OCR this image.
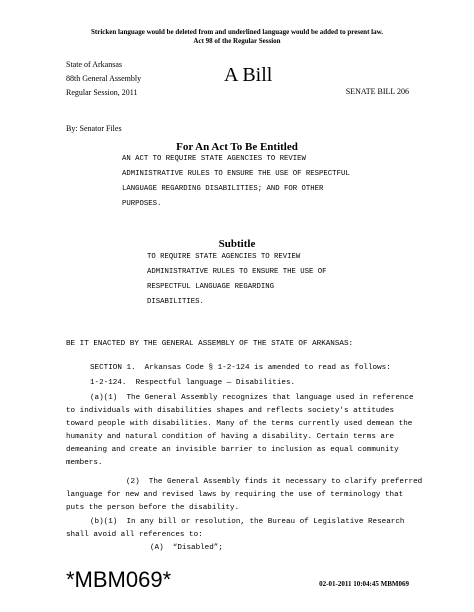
Stricken language would be deleted from and underlined language would be added to present law.
Act 98 of the Regular Session
State of Arkansas
88th General Assembly
Regular Session, 2011
A Bill
SENATE BILL 206
By: Senator Files
For An Act To Be Entitled
AN ACT TO REQUIRE STATE AGENCIES TO REVIEW
ADMINISTRATIVE RULES TO ENSURE THE USE OF RESPECTFUL
LANGUAGE REGARDING DISABILITIES; AND FOR OTHER
PURPOSES.
Subtitle
TO REQUIRE STATE AGENCIES TO REVIEW
ADMINISTRATIVE RULES TO ENSURE THE USE OF
RESPECTFUL LANGUAGE REGARDING
DISABILITIES.
BE IT ENACTED BY THE GENERAL ASSEMBLY OF THE STATE OF ARKANSAS:
SECTION 1.  Arkansas Code § 1-2-124 is amended to read as follows:
1-2-124.  Respectful language — Disabilities.
(a)(1)  The General Assembly recognizes that language used in reference
to individuals with disabilities shapes and reflects society's attitudes
toward people with disabilities. Many of the terms currently used demean the
humanity and natural condition of having a disability. Certain terms are
demeaning and create an invisible barrier to inclusion as equal community
members.
(2)  The General Assembly finds it necessary to clarify preferred
language for new and revised laws by requiring the use of terminology that
puts the person before the disability.
(b)(1)  In any bill or resolution, the Bureau of Legislative Research
shall avoid all references to:
(A)  “Disabled”;
*MBM069*	02-01-2011 10:04:45 MBM069
